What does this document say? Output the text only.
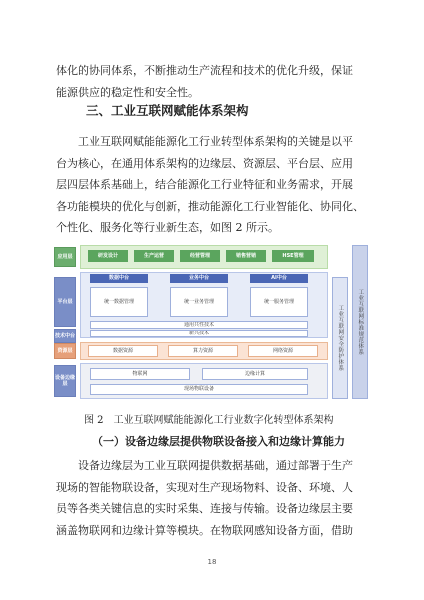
体化的协同体系，不断推动生产流程和技术的优化升级，保证
能源供应的稳定性和安全性。
三、工业互联网赋能体系架构
　　工业互联网赋能能源化工行业转型体系架构的关键是以平
台为核心，在通用体系架构的边缘层、资源层、平台层、应用
层四层体系基础上，结合能源化工行业特征和业务需求，开展
各功能模块的优化与创新，推动能源化工行业智能化、协同化、
个性化、服务化等行业新生态，如图 2 所示。
应用层	研发设计	生产运营	经营管理	销售营销	HSE管理
平台层
数据中台	业务中台	AI中台
统一数据管理	统一业务管理	统一服务管理
技术中台
通用共性技术
新兴技术
资源层	数据资源	算力资源	网络资源
设备边缘层
物联网	边缘计算
现场物联设备
工业互联网安全防护体系	工业互联网标准规范体系

图 2　工业互联网赋能能源化工行业数字化转型体系架构

（一）设备边缘层提供物联设备接入和边缘计算能力
　　设备边缘层为工业互联网提供数据基础，通过部署于生产
现场的智能物联设备，实现对生产现场物料、设备、环境、人
员等各类关键信息的实时采集、连接与传输。设备边缘层主要
涵盖物联网和边缘计算等模块。在物联网感知设备方面，借助
18
